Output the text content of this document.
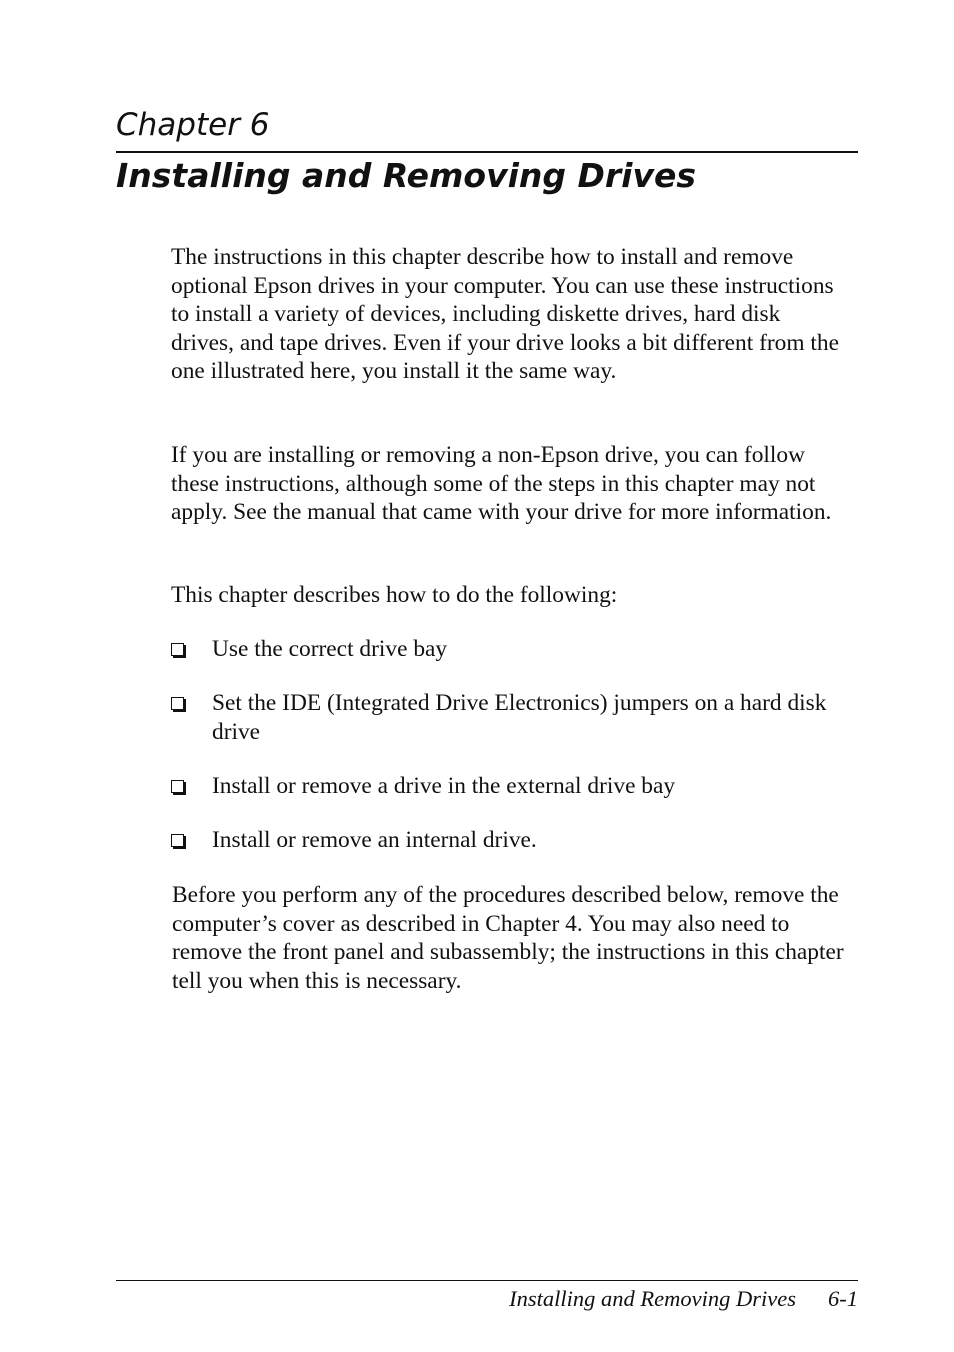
Chapter 6
Installing and Removing Drives

The instructions in this chapter describe how to install and remove optional Epson drives in your computer. You can use these instructions to install a variety of devices, including diskette drives, hard disk drives, and tape drives. Even if your drive looks a bit different from the one illustrated here, you install it the same way.

If you are installing or removing a non-Epson drive, you can follow these instructions, although some of the steps in this chapter may not apply. See the manual that came with your drive for more information.

This chapter describes how to do the following:

Use the correct drive bay
Set the IDE (Integrated Drive Electronics) jumpers on a hard disk drive
Install or remove a drive in the external drive bay
Install or remove an internal drive.

Before you perform any of the procedures described below, remove the computer’s cover as described in Chapter 4. You may also need to remove the front panel and subassembly; the instructions in this chapter tell you when this is necessary.

Installing and Removing Drives 6-1
